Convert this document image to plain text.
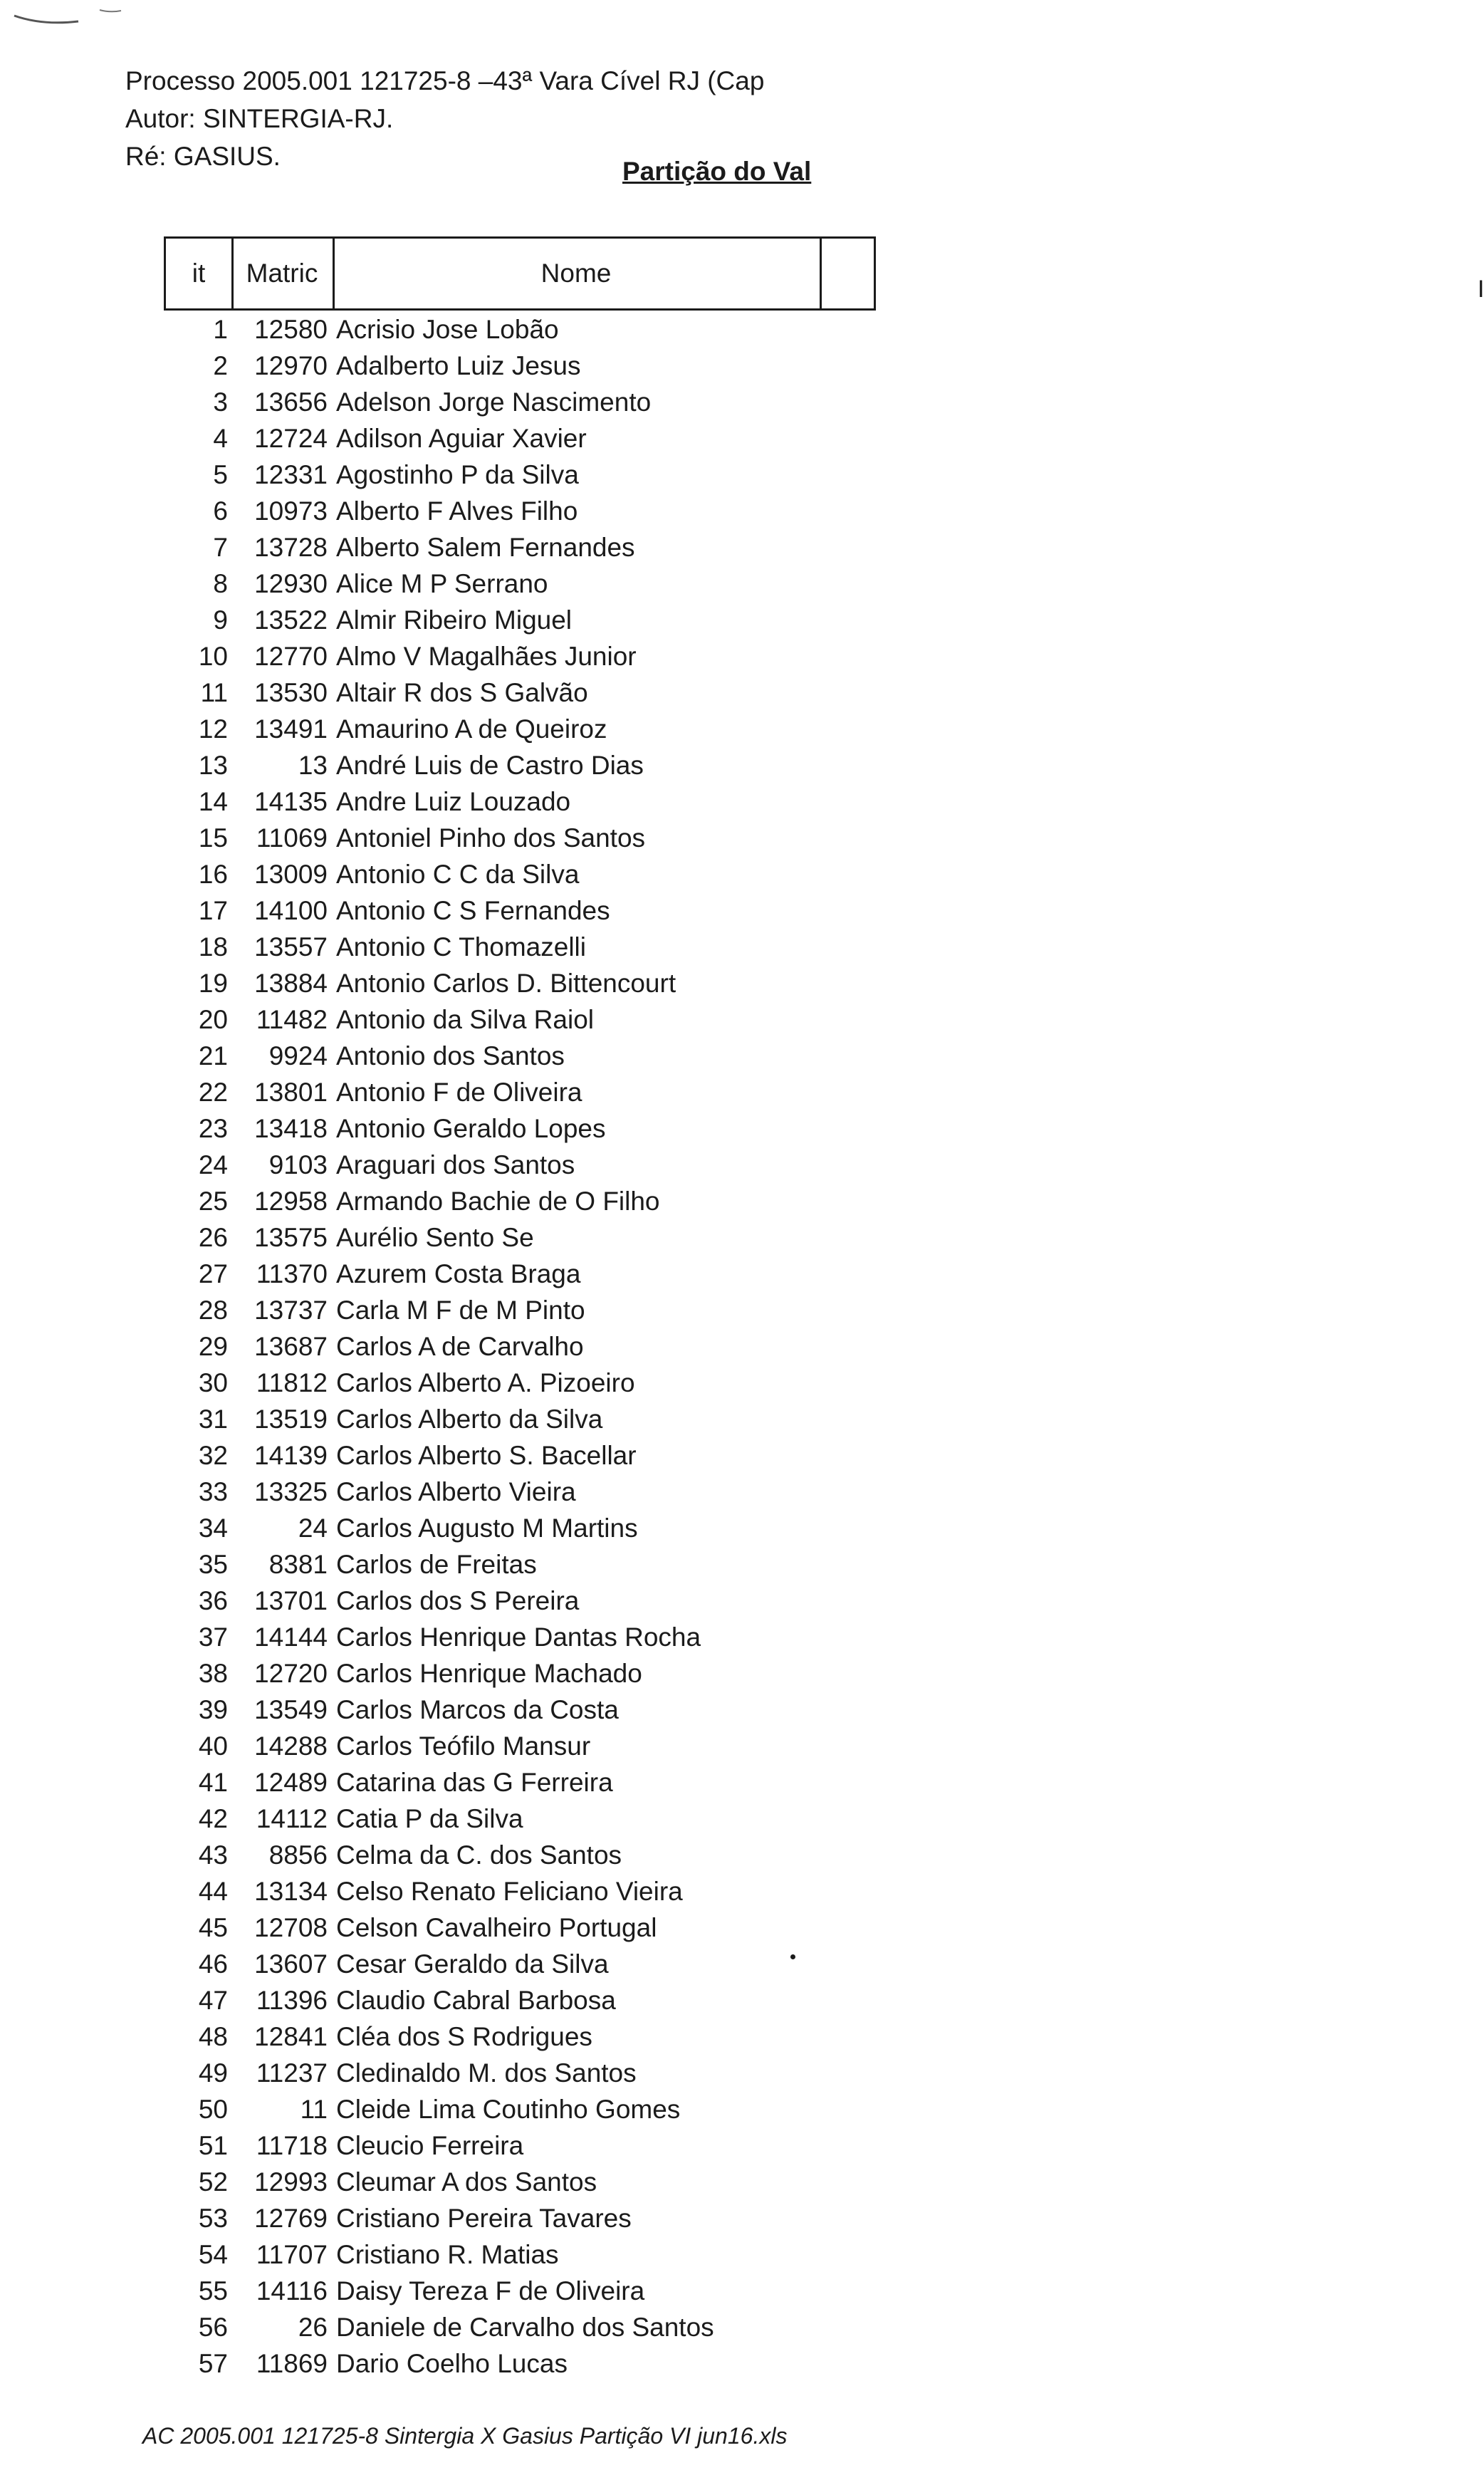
Processo 2005.001 121725-8 –43ª Vara Cível RJ (Cap
Autor: SINTERGIA-RJ.
Ré: GASIUS.
Partição do Val
it	Matric	Nome
I
1 12580 Acrisio Jose Lobão
2 12970 Adalberto Luiz Jesus
3 13656 Adelson Jorge Nascimento
4 12724 Adilson Aguiar Xavier
5 12331 Agostinho P da Silva
6 10973 Alberto F Alves Filho
7 13728 Alberto Salem Fernandes
8 12930 Alice M P Serrano
9 13522 Almir Ribeiro Miguel
10 12770 Almo V Magalhães Junior
11 13530 Altair R dos S Galvão
12 13491 Amaurino A de Queiroz
13	13 André Luis de Castro Dias
14 14135 Andre Luiz Louzado
15 11069 Antoniel Pinho dos Santos
16 13009 Antonio C C da Silva
17 14100 Antonio C S Fernandes
18 13557 Antonio C Thomazelli
19 13884 Antonio Carlos D. Bittencourt
20 11482 Antonio da Silva Raiol
21 9924 Antonio dos Santos
22 13801 Antonio F de Oliveira
23 13418 Antonio Geraldo Lopes
24 9103 Araguari dos Santos
25 12958 Armando Bachie de O Filho
26 13575 Aurélio Sento Se
27 11370 Azurem Costa Braga
28 13737 Carla M F de M Pinto
29 13687 Carlos A de Carvalho
30 11812 Carlos Alberto A. Pizoeiro
31 13519 Carlos Alberto da Silva
32 14139 Carlos Alberto S. Bacellar
33 13325 Carlos Alberto Vieira
34	24 Carlos Augusto M Martins
35 8381 Carlos de Freitas
36 13701 Carlos dos S Pereira
37 14144 Carlos Henrique Dantas Rocha
38 12720 Carlos Henrique Machado
39 13549 Carlos Marcos da Costa
40 14288 Carlos Teófilo Mansur
41 12489 Catarina das G Ferreira
42 14112 Catia P da Silva
43 8856 Celma da C. dos Santos
44 13134 Celso Renato Feliciano Vieira
45 12708 Celson Cavalheiro Portugal
46 13607 Cesar Geraldo da Silva
47 11396 Claudio Cabral Barbosa
48 12841 Cléa dos S Rodrigues
49 11237 Cledinaldo M. dos Santos
50	11 Cleide Lima Coutinho Gomes
51 11718 Cleucio Ferreira
52 12993 Cleumar A dos Santos
53 12769 Cristiano Pereira Tavares
54 11707 Cristiano R. Matias
55 14116 Daisy Tereza F de Oliveira
56	26 Daniele de Carvalho dos Santos
57 11869 Dario Coelho Lucas
AC 2005.001 121725-8 Sintergia X Gasius Partição VI jun16.xls
